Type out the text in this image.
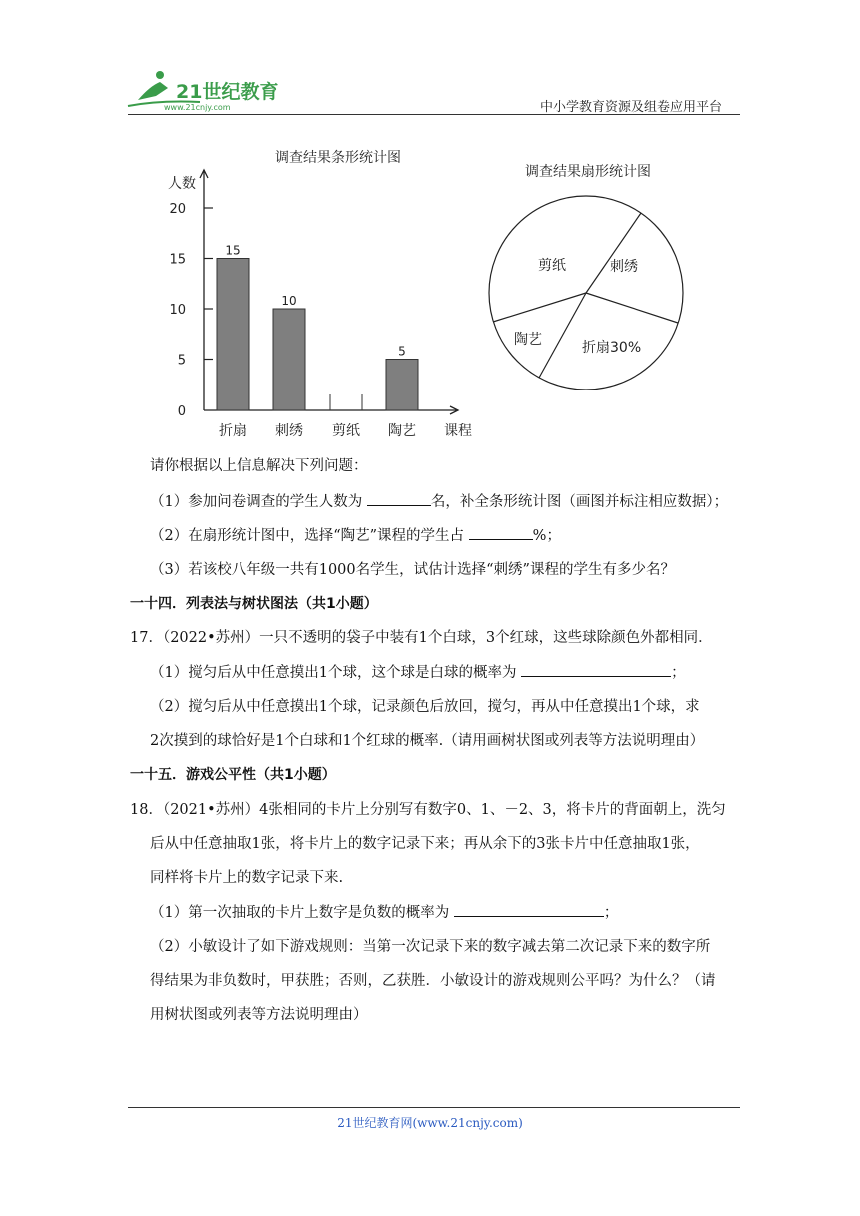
21世纪教育
www.21cnjy.com	中小学教育资源及组卷应用平台
调查结果条形统计图
人数
课程
0
5
10
15
20
15
折扇
10
刺绣 剪纸
5
陶艺
调查结果扇形统计图
剪纸	刺绣
折扇30%
陶艺
请你根据以上信息解决下列问题：
（1）参加问卷调查的学生人数为	名，补全条形统计图（画图并标注相应数据）；
（2）在扇形统计图中，选择“陶艺”课程的学生占	%；
（3）若该校八年级一共有1000名学生，试估计选择“刺绣”课程的学生有多少名？
一十四．列表法与树状图法（共1小题）
17．（2022•苏州）一只不透明的袋子中装有1个白球，3个红球，这些球除颜色外都相同．
（1）搅匀后从中任意摸出1个球，这个球是白球的概率为	；
（2）搅匀后从中任意摸出1个球，记录颜色后放回，搅匀，再从中任意摸出1个球，求
2次摸到的球恰好是1个白球和1个红球的概率.（请用画树状图或列表等方法说明理由）
一十五．游戏公平性（共1小题）
18．（2021•苏州）4张相同的卡片上分别写有数字0、1、－2、3，将卡片的背面朝上，洗匀
后从中任意抽取1张，将卡片上的数字记录下来；再从余下的3张卡片中任意抽取1张，
同样将卡片上的数字记录下来.
（1）第一次抽取的卡片上数字是负数的概率为	；
（2）小敏设计了如下游戏规则：当第一次记录下来的数字减去第二次记录下来的数字所
得结果为非负数时，甲获胜；否则，乙获胜．小敏设计的游戏规则公平吗？为什么？（请
用树状图或列表等方法说明理由）
21世纪教育网(www.21cnjy.com)
